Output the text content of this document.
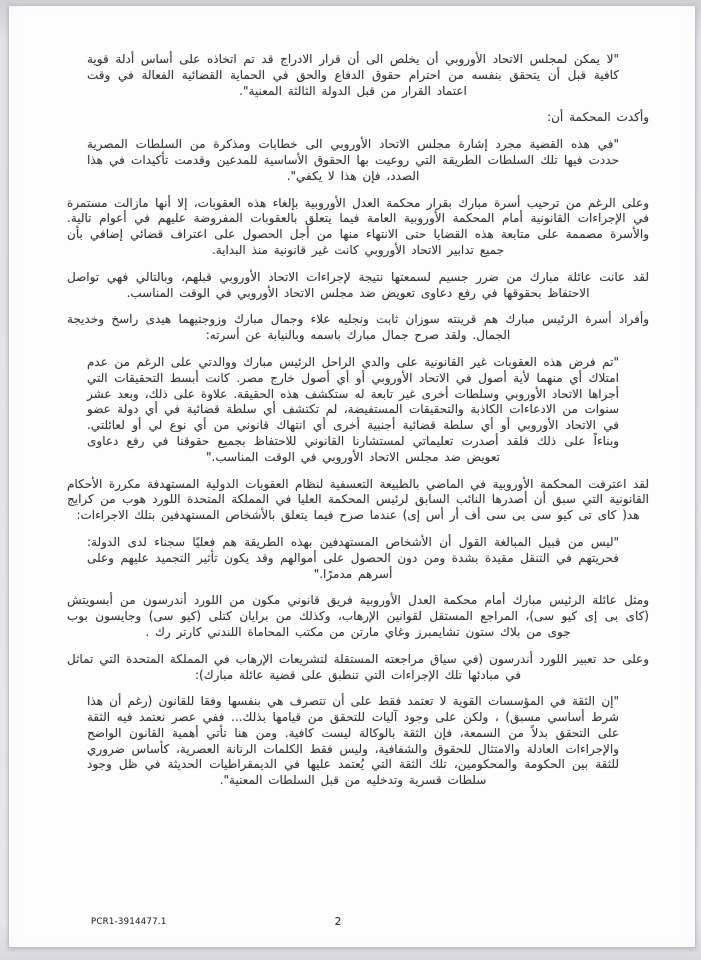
"لا يمكن لمجلس الاتحاد الأوروبي أن يخلص الى أن قرار الادراج قد تم اتخاذه على أساس أدلة قوية كافية قبل أن يتحقق بنفسه من احترام حقوق الدفاع والحق في الحماية القضائية الفعالة في وقت اعتماد القرار من قبل الدولة الثالثة المعنية".

وأكدت المحكمة أن:

"في هذه القضية مجرد إشارة مجلس الاتحاد الأوروبي الى خطابات ومذكرة من السلطات المصرية حددت فيها تلك السلطات الطريقة التي روعيت بها الحقوق الأساسية للمدعين وقدمت تأكيدات في هذا الصدد، فإن هذا لا يكفي".

وعلى الرغم من ترحيب أسرة مبارك بقرار محكمة العدل الأوروبية بإلغاء هذه العقوبات، إلا أنها مازالت مستمرة في الإجراءات القانونية أمام المحكمة الأوروبية العامة فيما يتعلق بالعقوبات المفروضة عليهم في أعوام تالية. والأسرة مصممة على متابعة هذه القضايا حتى الانتهاء منها من أجل الحصول على اعتراف قضائي إضافي بأن جميع تدابير الاتحاد الأوروبي كانت غير قانونية منذ البداية.

لقد عانت عائلة مبارك من ضرر جسيم لسمعتها نتيجة لإجراءات الاتحاد الأوروبي قبلهم، وبالتالي فهي تواصل الاحتفاظ بحقوقها في رفع دعاوى تعويض ضد مجلس الاتحاد الأوروبي في الوقت المناسب.

وأفراد أسرة الرئيس مبارك هم قرينته سوزان ثابت ونجليه علاء وجمال مبارك وزوجتيهما هيدى راسخ وخديجة الجمال. ولقد صرح جمال مبارك باسمه وبالنيابة عن أسرته:

"تم فرض هذه العقوبات غير القانونية على والدي الراحل الرئيس مبارك ووالدتي على الرغم من عدم امتلاك أي منهما لأية أصول في الاتحاد الأوروبي أو أي أصول خارج مصر. كانت أبسط التحقيقات التي أجراها الاتحاد الأوروبي وسلطات أخرى غير تابعة له ستكشف هذه الحقيقة. علاوة على ذلك، وبعد عشر سنوات من الادعاءات الكاذبة والتحقيقات المستفيضة، لم تكتشف أي سلطة قضائية في أي دولة عضو في الاتحاد الأوروبي أو أي سلطة قضائية أجنبية أخرى أي انتهاك قانوني من أي نوع لي أو لعائلتي. وبناءاً على ذلك فلقد أصدرت تعليماتي لمستشارنا القانوني للاحتفاظ بجميع حقوقنا في رفع دعاوى تعويض ضد مجلس الاتحاد الأوروبي في الوقت المناسب."

لقد اعترفت المحكمة الأوروبية في الماضي بالطبيعة التعسفية لنظام العقوبات الدولية المستهدفة مكررة الأحكام القانونية التي سبق أن أصدرها النائب السابق لرئيس المحكمة العليا في المملكة المتحدة اللورد هوب من كرايج هد( كاى تى كيو سى بى سى أف أر أس إى) عندما صرح فيما يتعلق بالأشخاص المستهدفين بتلك الاجراءات:

"ليس من قبيل المبالغة القول أن الأشخاص المستهدفين بهذه الطريقة هم فعليًا سجناء لدى الدولة: فحريتهم في التنقل مقيدة بشدة ومن دون الحصول على أموالهم وقد يكون تأثير التجميد عليهم وعلى أسرهم مدمرًا."

ومثل عائلة الرئيس مبارك أمام محكمة العدل الأوروبية فريق قانوني مكون من اللورد أندرسون من أبسويتش (كاى بى إى كيو سى)، المراجع المستقل لقوانين الإرهاب، وكذلك من برايان كتلى (كيو سى) وجايسون بوب جوى من بلاك ستون تشايمبرز وغاي مارتن من مكتب المحاماة اللندني كارتر رك .

وعلى حد تعبير اللورد أندرسون (في سياق مراجعته المستقلة لتشريعات الإرهاب في المملكة المتحدة التي تماثل في مبادئها تلك الإجراءات التي تنطبق على قضية عائلة مبارك):

"إن الثقة في المؤسسات القوية لا تعتمد فقط على أن تتصرف هي بنفسها وفقا للقانون (رغم أن هذا شرط أساسي مسبق) ، ولكن على وجود آليات للتحقق من قيامها بذلك... ففي عصر نعتمد فيه الثقة على التحقق بدلاً من السمعة، فإن الثقة بالوكالة ليست كافية. ومن هنا تأتي أهمية القانون الواضح والإجراءات العادلة والامتثال للحقوق والشفافية، وليس فقط الكلمات الرنانة العصرية، كأساس ضروري للثقة بين الحكومة والمحكومين، تلك الثقة التي يُعتمد عليها في الديمقراطيات الحديثة في ظل وجود سلطات قسرية وتدخليه من قبل السلطات المعنية".

PCR1-3914477.1	2
